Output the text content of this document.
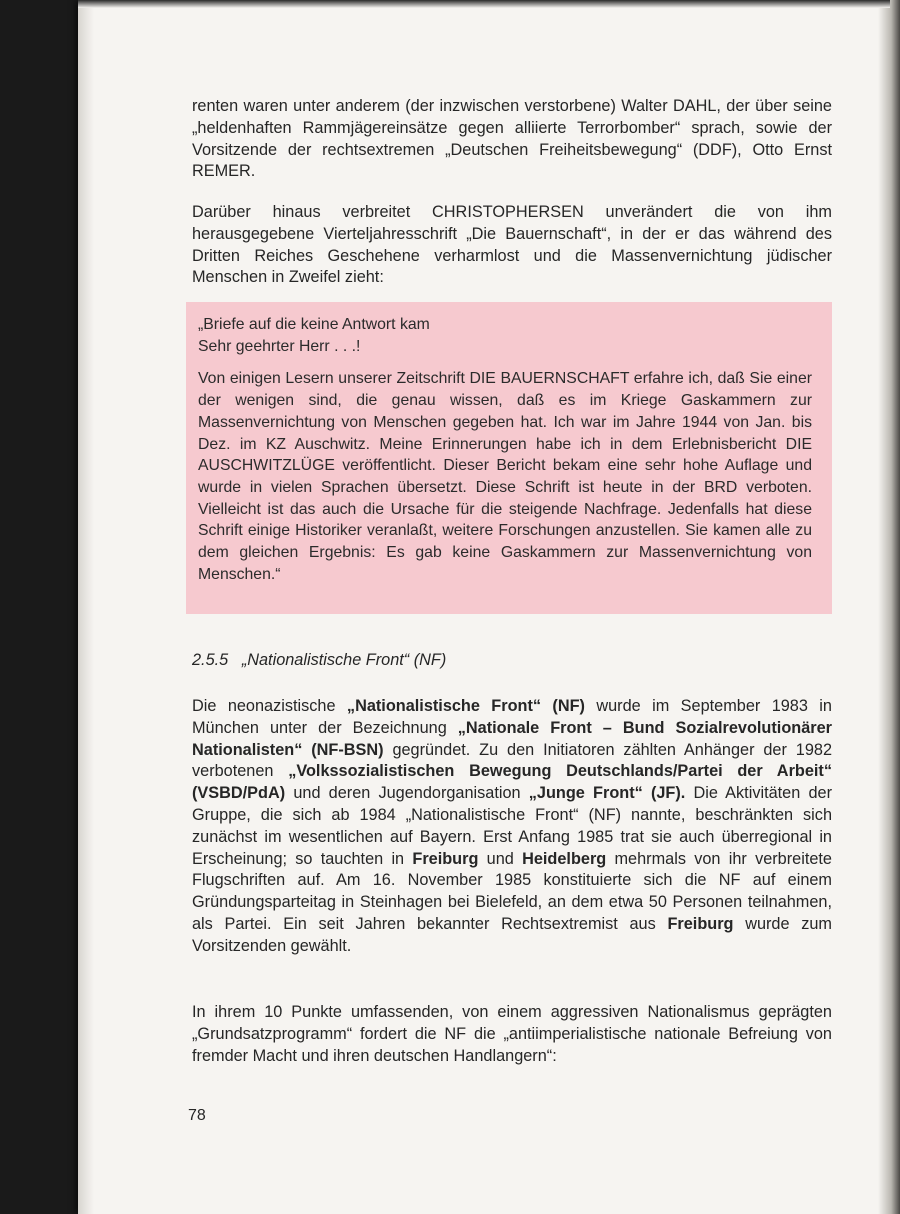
renten waren unter anderem (der inzwischen verstorbene) Walter DAHL, der über seine „heldenhaften Rammjägereinsätze gegen alliierte Terrorbomber“ sprach, sowie der Vorsitzende der rechtsextremen „Deutschen Freiheitsbewegung“ (DDF), Otto Ernst REMER.

Darüber hinaus verbreitet CHRISTOPHERSEN unverändert die von ihm herausgegebene Vierteljahresschrift „Die Bauernschaft“, in der er das während des Dritten Reiches Geschehene verharmlost und die Massenvernichtung jüdischer Menschen in Zweifel zieht:

„Briefe auf die keine Antwort kam
Sehr geehrter Herr . . .!
Von einigen Lesern unserer Zeitschrift DIE BAUERNSCHAFT erfahre ich, daß Sie einer der wenigen sind, die genau wissen, daß es im Kriege Gaskammern zur Massenvernichtung von Menschen gegeben hat. Ich war im Jahre 1944 von Jan. bis Dez. im KZ Auschwitz. Meine Erinnerungen habe ich in dem Erlebnisbericht DIE AUSCHWITZLÜGE veröffentlicht. Dieser Bericht bekam eine sehr hohe Auflage und wurde in vielen Sprachen übersetzt. Diese Schrift ist heute in der BRD verboten. Vielleicht ist das auch die Ursache für die steigende Nachfrage. Jedenfalls hat diese Schrift einige Historiker veranlaßt, weitere Forschungen anzustellen. Sie kamen alle zu dem gleichen Ergebnis: Es gab keine Gaskammern zur Massenvernichtung von Menschen.“
2.5.5 „Nationalistische Front“ (NF)

Die neonazistische „Nationalistische Front“ (NF) wurde im September 1983 in München unter der Bezeichnung „Nationale Front – Bund Sozialrevolutionärer Nationalisten“ (NF-BSN) gegründet. Zu den Initiatoren zählten Anhänger der 1982 verbotenen „Volkssozialistischen Bewegung Deutschlands/Partei der Arbeit“ (VSBD/PdA) und deren Jugendorganisation „Junge Front“ (JF). Die Aktivitäten der Gruppe, die sich ab 1984 „Nationalistische Front“ (NF) nannte, beschränkten sich zunächst im wesentlichen auf Bayern. Erst Anfang 1985 trat sie auch überregional in Erscheinung; so tauchten in Freiburg und Heidelberg mehrmals von ihr verbreitete Flugschriften auf. Am 16. November 1985 konstituierte sich die NF auf einem Gründungsparteitag in Steinhagen bei Bielefeld, an dem etwa 50 Personen teilnahmen, als Partei. Ein seit Jahren bekannter Rechtsextremist aus Freiburg wurde zum Vorsitzenden gewählt.

In ihrem 10 Punkte umfassenden, von einem aggressiven Nationalismus geprägten „Grundsatzprogramm“ fordert die NF die „antiimperialistische nationale Befreiung von fremder Macht und ihren deutschen Handlangern“:

78
